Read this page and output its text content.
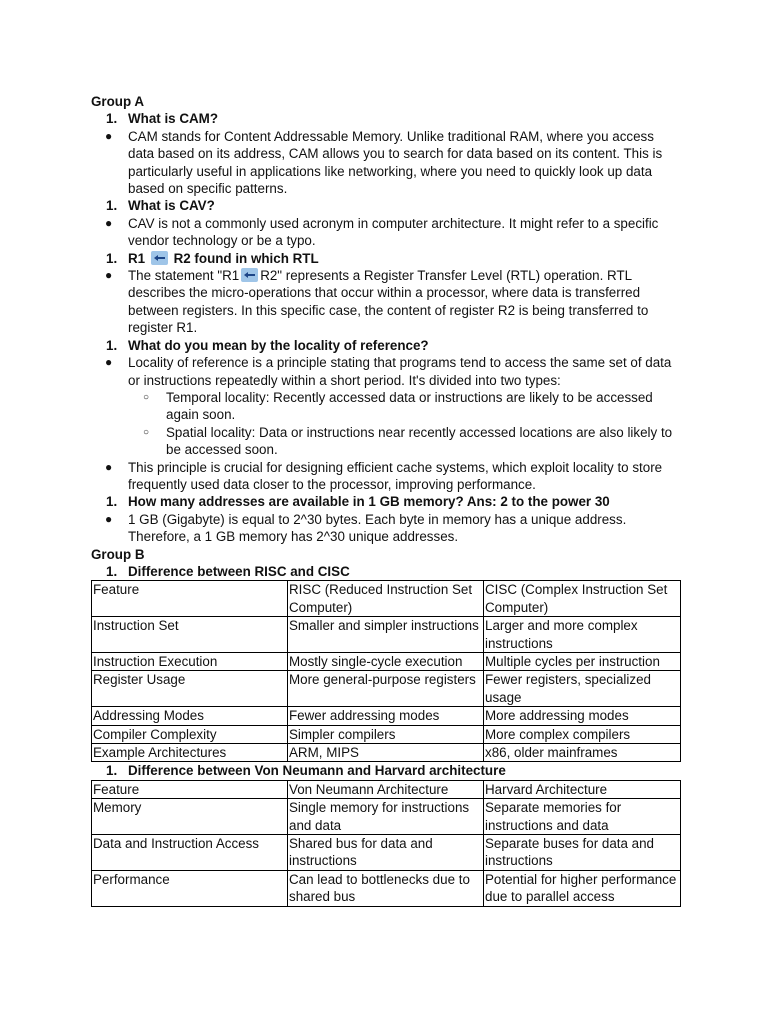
Group A
1. What is CAM?
● CAM stands for Content Addressable Memory. Unlike traditional RAM, where you access data based on its address, CAM allows you to search for data based on its content. This is particularly useful in applications like networking, where you need to quickly look up data based on specific patterns.
1. What is CAV?
● CAV is not a commonly used acronym in computer architecture. It might refer to a specific vendor technology or be a typo.
1. R1 R2 found in which RTL
● The statement "R1 R2" represents a Register Transfer Level (RTL) operation. RTL describes the micro-operations that occur within a processor, where data is transferred between registers. In this specific case, the content of register R2 is being transferred to register R1.
1. What do you mean by the locality of reference?
● Locality of reference is a principle stating that programs tend to access the same set of data or instructions repeatedly within a short period. It's divided into two types:
○ Temporal locality: Recently accessed data or instructions are likely to be accessed again soon.
○ Spatial locality: Data or instructions near recently accessed locations are also likely to be accessed soon.
● This principle is crucial for designing efficient cache systems, which exploit locality to store frequently used data closer to the processor, improving performance.
1. How many addresses are available in 1 GB memory? Ans: 2 to the power 30
● 1 GB (Gigabyte) is equal to 2^30 bytes. Each byte in memory has a unique address. Therefore, a 1 GB memory has 2^30 unique addresses.
Group B
1. Difference between RISC and CISC
Feature	RISC (Reduced Instruction Set Computer)	CISC (Complex Instruction Set Computer)
Instruction Set	Smaller and simpler instructions	Larger and more complex instructions
Instruction Execution	Mostly single-cycle execution	Multiple cycles per instruction
Register Usage	More general-purpose registers	Fewer registers, specialized usage
Addressing Modes	Fewer addressing modes	More addressing modes
Compiler Complexity	Simpler compilers	More complex compilers
Example Architectures	ARM, MIPS	x86, older mainframes
1. Difference between Von Neumann and Harvard architecture
Feature	Von Neumann Architecture	Harvard Architecture
Memory	Single memory for instructions and data	Separate memories for instructions and data
Data and Instruction Access	Shared bus for data and instructions	Separate buses for data and instructions
Performance	Can lead to bottlenecks due to shared bus	Potential for higher performance due to parallel access
